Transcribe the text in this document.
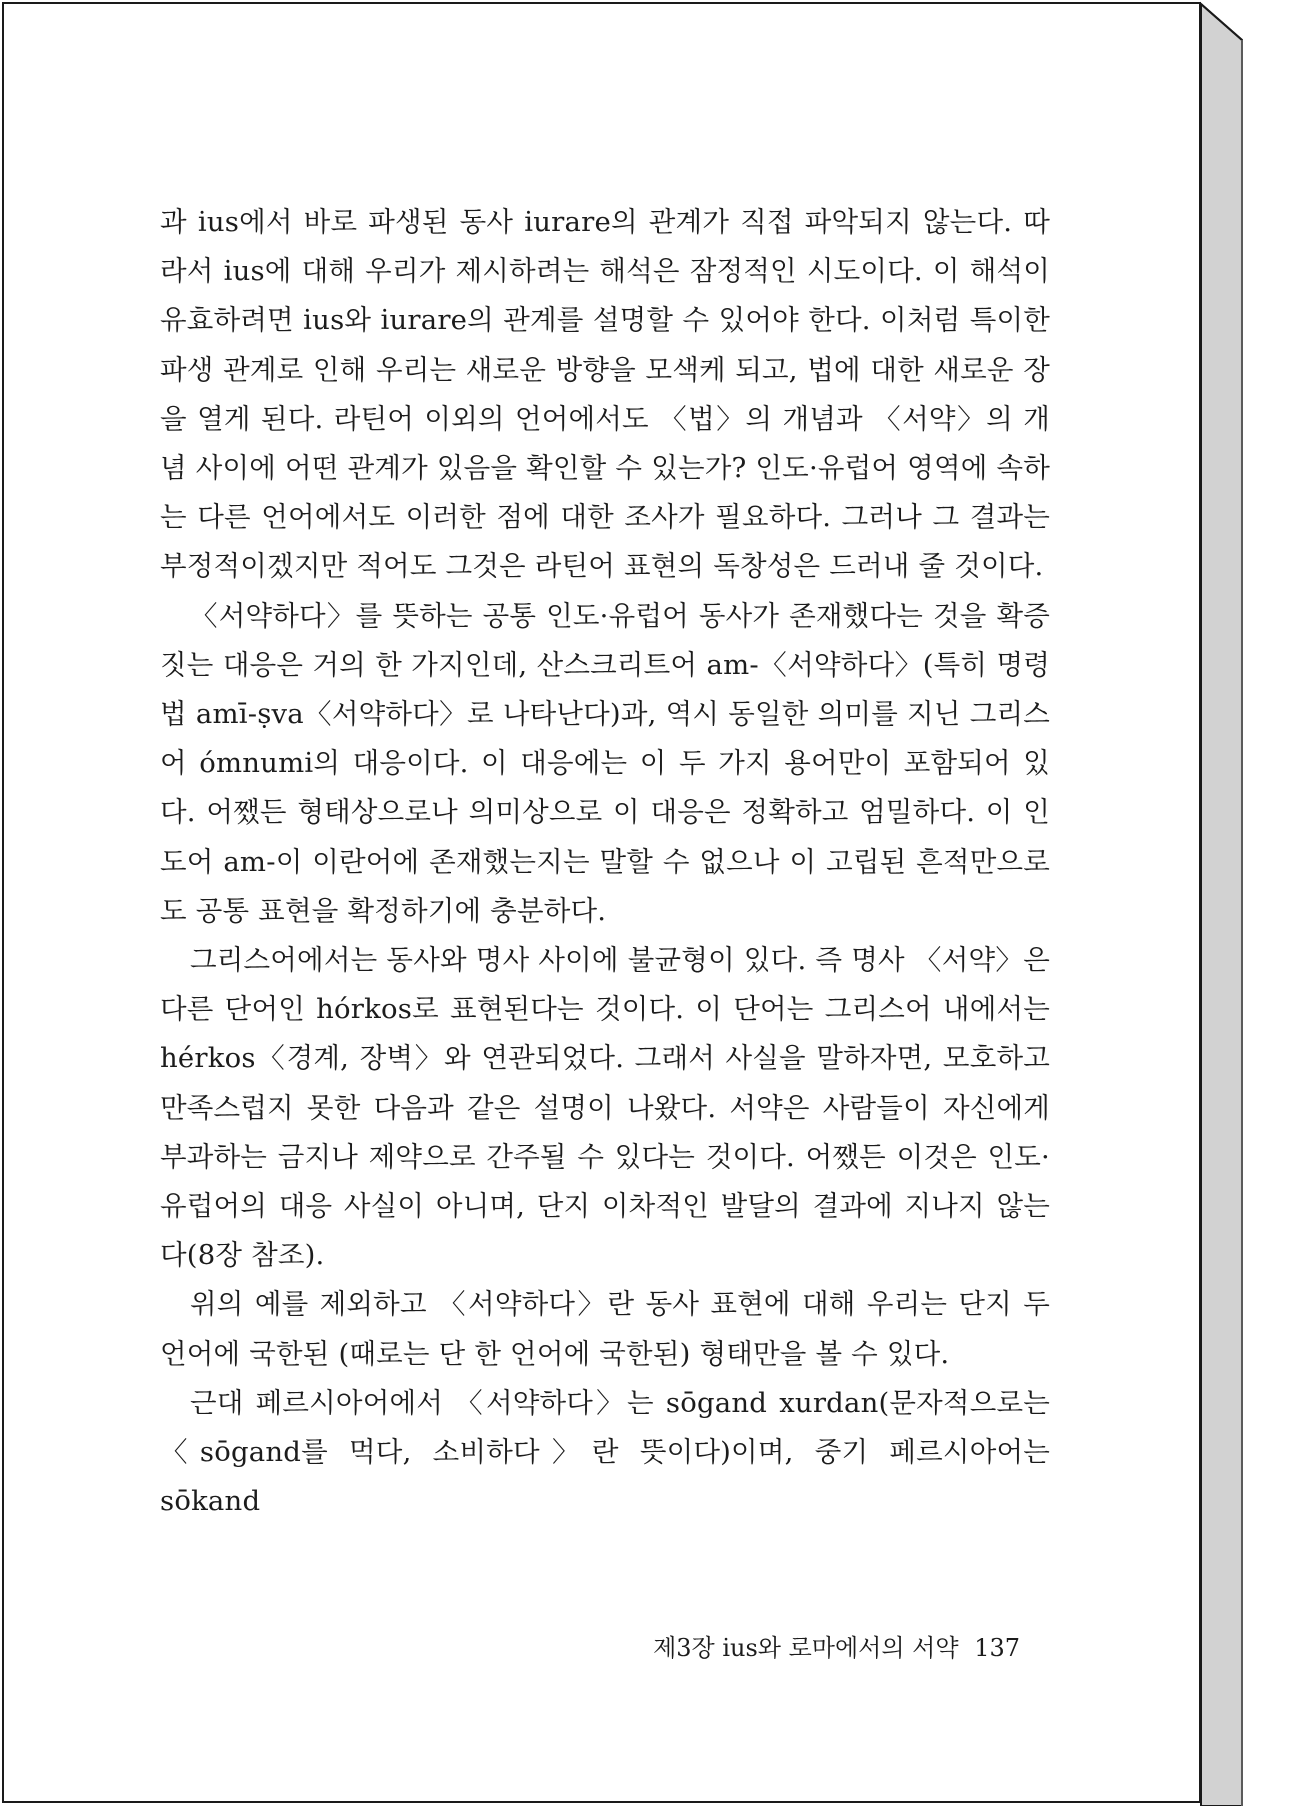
과 ius에서 바로 파생된 동사 iurare의 관계가 직접 파악되지 않는다. 따라서 ius에 대해 우리가 제시하려는 해석은 잠정적인 시도이다. 이 해석이 유효하려면 ius와 iurare의 관계를 설명할 수 있어야 한다. 이처럼 특이한 파생 관계로 인해 우리는 새로운 방향을 모색케 되고, 법에 대한 새로운 장을 열게 된다. 라틴어 이외의 언어에서도 〈법〉의 개념과 〈서약〉의 개념 사이에 어떤 관계가 있음을 확인할 수 있는가? 인도·유럽어 영역에 속하는 다른 언어에서도 이러한 점에 대한 조사가 필요하다. 그러나 그 결과는 부정적이겠지만 적어도 그것은 라틴어 표현의 독창성은 드러내 줄 것이다.

〈서약하다〉를 뜻하는 공통 인도·유럽어 동사가 존재했다는 것을 확증짓는 대응은 거의 한 가지인데, 산스크리트어 am-〈서약하다〉(특히 명령법 amī-ṣva〈서약하다〉로 나타난다)과, 역시 동일한 의미를 지닌 그리스어 ómnumi의 대응이다. 이 대응에는 이 두 가지 용어만이 포함되어 있다. 어쨌든 형태상으로나 의미상으로 이 대응은 정확하고 엄밀하다. 이 인도어 am-이 이란어에 존재했는지는 말할 수 없으나 이 고립된 흔적만으로도 공통 표현을 확정하기에 충분하다.

그리스어에서는 동사와 명사 사이에 불균형이 있다. 즉 명사 〈서약〉은 다른 단어인 hórkos로 표현된다는 것이다. 이 단어는 그리스어 내에서는 hérkos〈경계, 장벽〉와 연관되었다. 그래서 사실을 말하자면, 모호하고 만족스럽지 못한 다음과 같은 설명이 나왔다. 서약은 사람들이 자신에게 부과하는 금지나 제약으로 간주될 수 있다는 것이다. 어쨌든 이것은 인도·유럽어의 대응 사실이 아니며, 단지 이차적인 발달의 결과에 지나지 않는다(8장 참조).

위의 예를 제외하고 〈서약하다〉란 동사 표현에 대해 우리는 단지 두 언어에 국한된 (때로는 단 한 언어에 국한된) 형태만을 볼 수 있다.

근대 페르시아어에서 〈서약하다〉는 sōgand xurdan(문자적으로는 〈sōgand를 먹다, 소비하다〉란 뜻이다)이며, 중기 페르시아어는 sōkand

제3장 ius와 로마에서의 서약 137
